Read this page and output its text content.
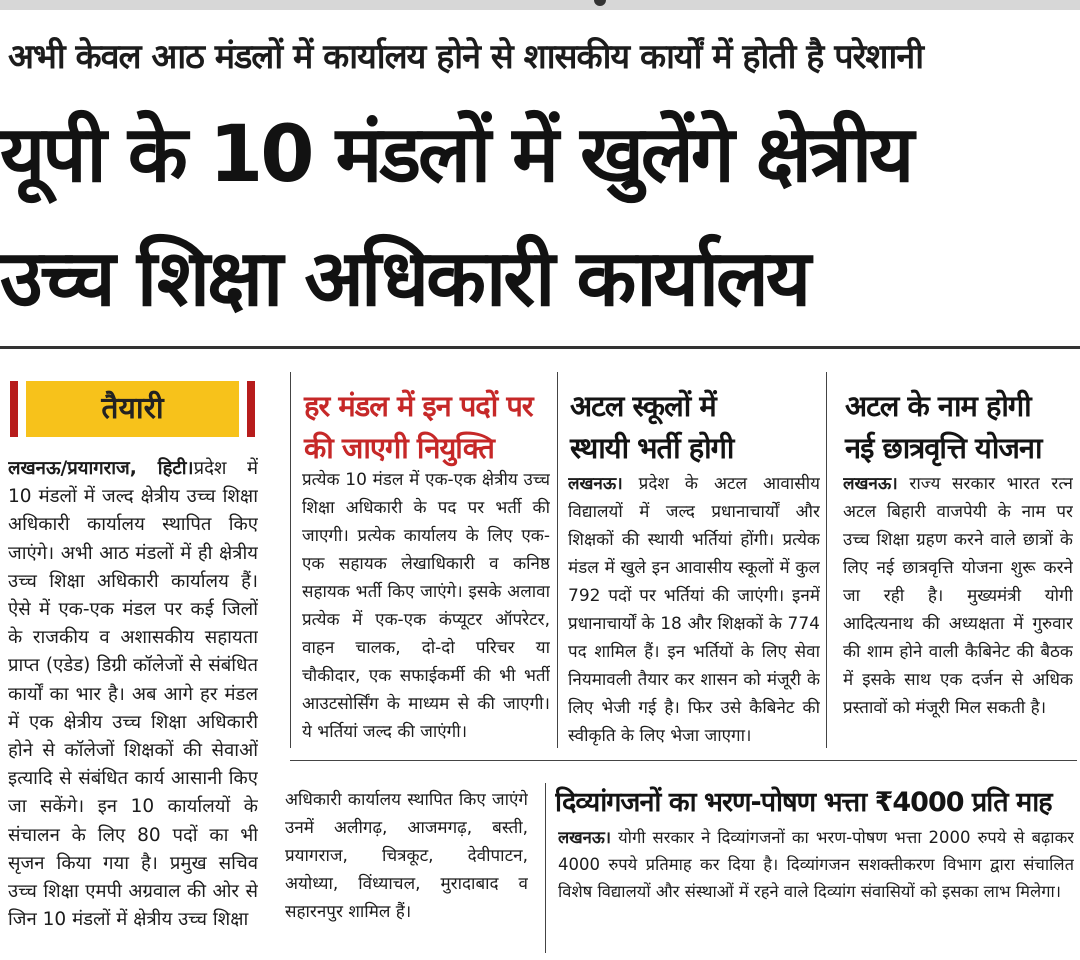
अभी केवल आठ मंडलों में कार्यालय होने से शासकीय कार्यों में होती है परेशानी
यूपी के 10 मंडलों में खुलेंगे क्षेत्रीय
उच्च शिक्षा अधिकारी कार्यालय
तैयारी
लखनऊ/प्रयागराज, हिटी।प्रदेश में 10 मंडलों में जल्द क्षेत्रीय उच्च शिक्षा अधिकारी कार्यालय स्थापित किए जाएंगे। अभी आठ मंडलों में ही क्षेत्रीय उच्च शिक्षा अधिकारी कार्यालय हैं। ऐसे में एक-एक मंडल पर कई जिलों के राजकीय व अशासकीय सहायता प्राप्त (एडेड) डिग्री कॉलेजों से संबंधित कार्यों का भार है। अब आगे हर मंडल में एक क्षेत्रीय उच्च शिक्षा अधिकारी होने से कॉलेजों शिक्षकों की सेवाओं इत्यादि से संबंधित कार्य आसानी किए जा सकेंगे। इन 10 कार्यालयों के संचालन के लिए 80 पदों का भी सृजन किया गया है। प्रमुख सचिव उच्च शिक्षा एमपी अग्रवाल की ओर से जिन 10 मंडलों में क्षेत्रीय उच्च शिक्षा
हर मंडल में इन पदों पर
की जाएगी नियुक्ति
प्रत्येक 10 मंडल में एक-एक क्षेत्रीय उच्च शिक्षा अधिकारी के पद पर भर्ती की जाएगी। प्रत्येक कार्यालय के लिए एक-एक सहायक लेखाधिकारी व कनिष्ठ सहायक भर्ती किए जाएंगे। इसके अलावा प्रत्येक में एक-एक कंप्यूटर ऑपरेटर, वाहन चालक, दो-दो परिचर या चौकीदार, एक सफाईकर्मी की भी भर्ती आउटसोर्सिंग के माध्यम से की जाएगी। ये भर्तियां जल्द की जाएंगी।
अटल स्कूलों में
स्थायी भर्ती होगी
लखनऊ। प्रदेश के अटल आवासीय विद्यालयों में जल्द प्रधानाचार्यों और शिक्षकों की स्थायी भर्तियां होंगी। प्रत्येक मंडल में खुले इन आवासीय स्कूलों में कुल 792 पदों पर भर्तियां की जाएंगी। इनमें प्रधानाचार्यों के 18 और शिक्षकों के 774 पद शामिल हैं। इन भर्तियों के लिए सेवा नियमावली तैयार कर शासन को मंजूरी के लिए भेजी गई है। फिर उसे कैबिनेट की स्वीकृति के लिए भेजा जाएगा।
अटल के नाम होगी
नई छात्रवृत्ति योजना
लखनऊ। राज्य सरकार भारत रत्न अटल बिहारी वाजपेयी के नाम पर उच्च शिक्षा ग्रहण करने वाले छात्रों के लिए नई छात्रवृत्ति योजना शुरू करने जा रही है। मुख्यमंत्री योगी आदित्यनाथ की अध्यक्षता में गुरुवार की शाम होने वाली कैबिनेट की बैठक में इसके साथ एक दर्जन से अधिक प्रस्तावों को मंजूरी मिल सकती है।
अधिकारी कार्यालय स्थापित किए जाएंगे उनमें अलीगढ़, आजमगढ़, बस्ती, प्रयागराज, चित्रकूट, देवीपाटन, अयोध्या, विंध्याचल, मुरादाबाद व सहारनपुर शामिल हैं।
दिव्यांगजनों का भरण-पोषण भत्ता ₹4000 प्रति माह
लखनऊ। योगी सरकार ने दिव्यांगजनों का भरण-पोषण भत्ता 2000 रुपये से बढ़ाकर 4000 रुपये प्रतिमाह कर दिया है। दिव्यांगजन सशक्तीकरण विभाग द्वारा संचालित विशेष विद्यालयों और संस्थाओं में रहने वाले दिव्यांग संवासियों को इसका लाभ मिलेगा।
